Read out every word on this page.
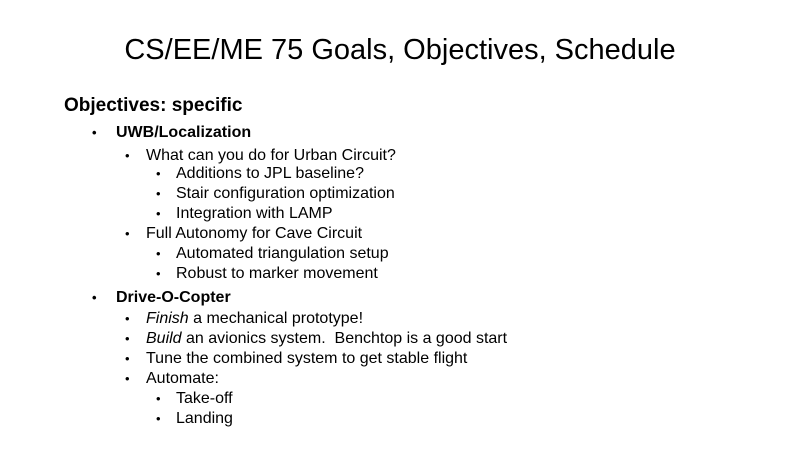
CS/EE/ME 75 Goals, Objectives, Schedule
Objectives: specific
• UWB/Localization
• What can you do for Urban Circuit?
• Additions to JPL baseline?
• Stair configuration optimization
• Integration with LAMP
• Full Autonomy for Cave Circuit
• Automated triangulation setup
• Robust to marker movement
• Drive-O-Copter
• Finish a mechanical prototype!
• Build an avionics system.  Benchtop is a good start
• Tune the combined system to get stable flight
• Automate:
• Take-off
• Landing
